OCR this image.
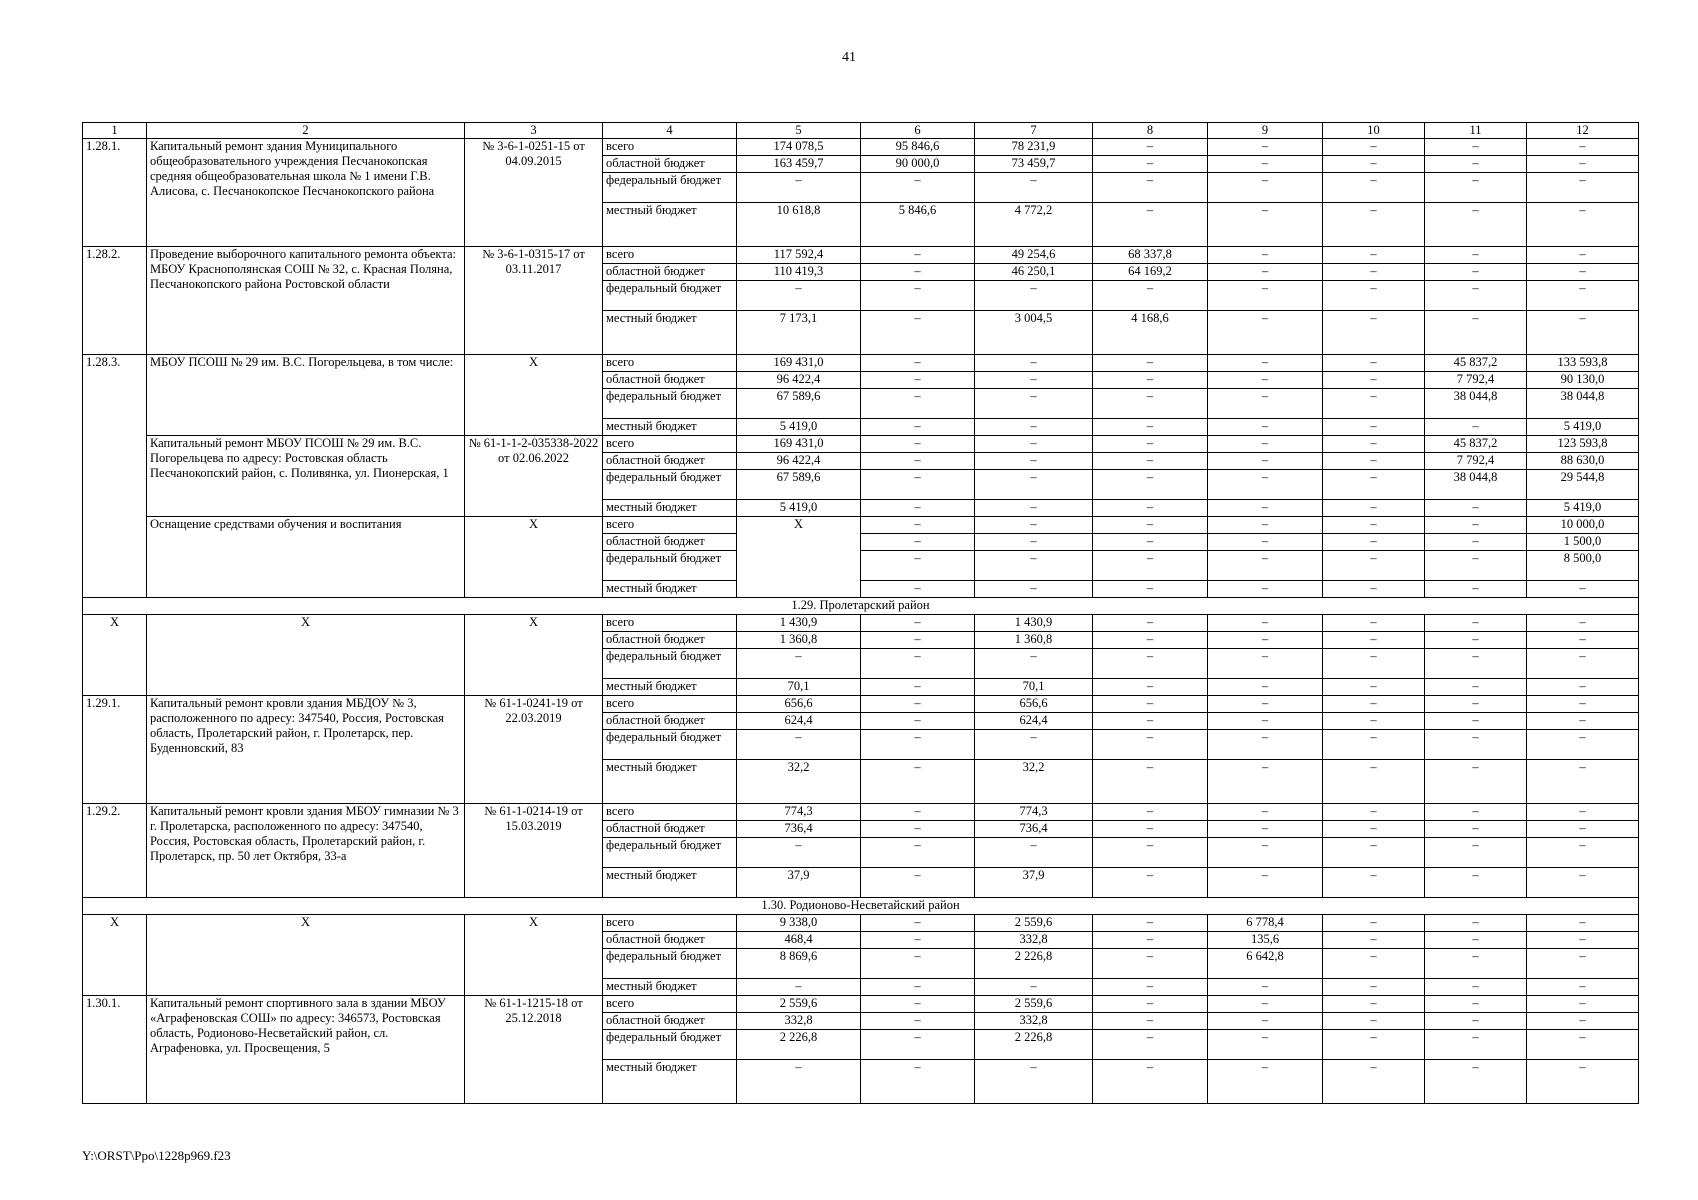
41
1	2	3	4	5	6	7	8	9	10	11	12
1.28.1.	Капитальный ремонт здания Муниципального общеобразовательного учреждения Песчанокопская средняя общеобразовательная школа № 1 имени Г.В. Алисова, с. Песчанокопское Песчанокопского района	№ 3-6-1-0251-15 от 04.09.2015	всего	174 078,5	95 846,6	78 231,9	–	–	–	–	–
			областной бюджет	163 459,7	90 000,0	73 459,7	–	–	–	–	–
			федеральный бюджет	–	–	–	–	–	–	–	–
			местный бюджет	10 618,8	5 846,6	4 772,2	–	–	–	–	–
1.28.2.	Проведение выборочного капитального ремонта объекта: МБОУ Краснополянская СОШ № 32, с. Красная Поляна, Песчанокопского района Ростовской области	№ 3-6-1-0315-17 от 03.11.2017	всего	117 592,4	–	49 254,6	68 337,8	–	–	–	–
			областной бюджет	110 419,3	–	46 250,1	64 169,2	–	–	–	–
			федеральный бюджет	–	–	–	–	–	–	–	–
			местный бюджет	7 173,1	–	3 004,5	4 168,6	–	–	–	–
1.28.3.	МБОУ ПСОШ № 29 им. В.С. Погорельцева, в том числе:	Х	всего	169 431,0	–	–	–	–	–	45 837,2	133 593,8
			областной бюджет	96 422,4	–	–	–	–	–	7 792,4	90 130,0
			федеральный бюджет	67 589,6	–	–	–	–	–	38 044,8	38 044,8
			местный бюджет	5 419,0	–	–	–	–	–	–	5 419,0
	Капитальный ремонт МБОУ ПСОШ № 29 им. В.С. Погорельцева по адресу: Ростовская область Песчанокопский район, с. Поливянка, ул. Пионерская, 1	№ 61-1-1-2-035338-2022 от 02.06.2022	всего	169 431,0	–	–	–	–	–	45 837,2	123 593,8
			областной бюджет	96 422,4	–	–	–	–	–	7 792,4	88 630,0
			федеральный бюджет	67 589,6	–	–	–	–	–	38 044,8	29 544,8
			местный бюджет	5 419,0	–	–	–	–	–	–	5 419,0
	Оснащение средствами обучения и воспитания	Х	всего	Х	–	–	–	–	–	–	10 000,0
			областной бюджет		–	–	–	–	–	–	1 500,0
			федеральный бюджет		–	–	–	–	–	–	8 500,0
			местный бюджет		–	–	–	–	–	–	–
1.29. Пролетарский район											
Х	Х	Х	всего	1 430,9	–	1 430,9	–	–	–	–	–
			областной бюджет	1 360,8	–	1 360,8	–	–	–	–	–
			федеральный бюджет	–	–	–	–	–	–	–	–
			местный бюджет	70,1	–	70,1	–	–	–	–	–
1.29.1.	Капитальный ремонт кровли здания МБДОУ № 3, расположенного по адресу: 347540, Россия, Ростовская область, Пролетарский район, г. Пролетарск, пер. Буденновский, 83	№ 61-1-0241-19 от 22.03.2019	всего	656,6	–	656,6	–	–	–	–	–
			областной бюджет	624,4	–	624,4	–	–	–	–	–
			федеральный бюджет	–	–	–	–	–	–	–	–
			местный бюджет	32,2	–	32,2	–	–	–	–	–
1.29.2.	Капитальный ремонт кровли здания МБОУ гимназии № 3 г. Пролетарска, расположенного по адресу: 347540, Россия, Ростовская область, Пролетарский район, г. Пролетарск, пр. 50 лет Октября, 33-а	№ 61-1-0214-19 от 15.03.2019	всего	774,3	–	774,3	–	–	–	–	–
			областной бюджет	736,4	–	736,4	–	–	–	–	–
			федеральный бюджет	–	–	–	–	–	–	–	–
			местный бюджет	37,9	–	37,9	–	–	–	–	–
1.30. Родионово-Несветайский район											
Х	Х	Х	всего	9 338,0	–	2 559,6	–	6 778,4	–	–	–
			областной бюджет	468,4	–	332,8	–	135,6	–	–	–
			федеральный бюджет	8 869,6	–	2 226,8	–	6 642,8	–	–	–
			местный бюджет	–	–	–	–	–	–	–	–
1.30.1.	Капитальный ремонт спортивного зала в здании МБОУ «Аграфеновская СОШ» по адресу: 346573, Ростовская область, Родионово-Несветайский район, сл. Аграфеновка, ул. Просвещения, 5	№ 61-1-1215-18 от 25.12.2018	всего	2 559,6	–	2 559,6	–	–	–	–	–
			областной бюджет	332,8	–	332,8	–	–	–	–	–
			федеральный бюджет	2 226,8	–	2 226,8	–	–	–	–	–
			местный бюджет	–	–	–	–	–	–	–	–
Y:\ORST\Ppo\1228p969.f23
